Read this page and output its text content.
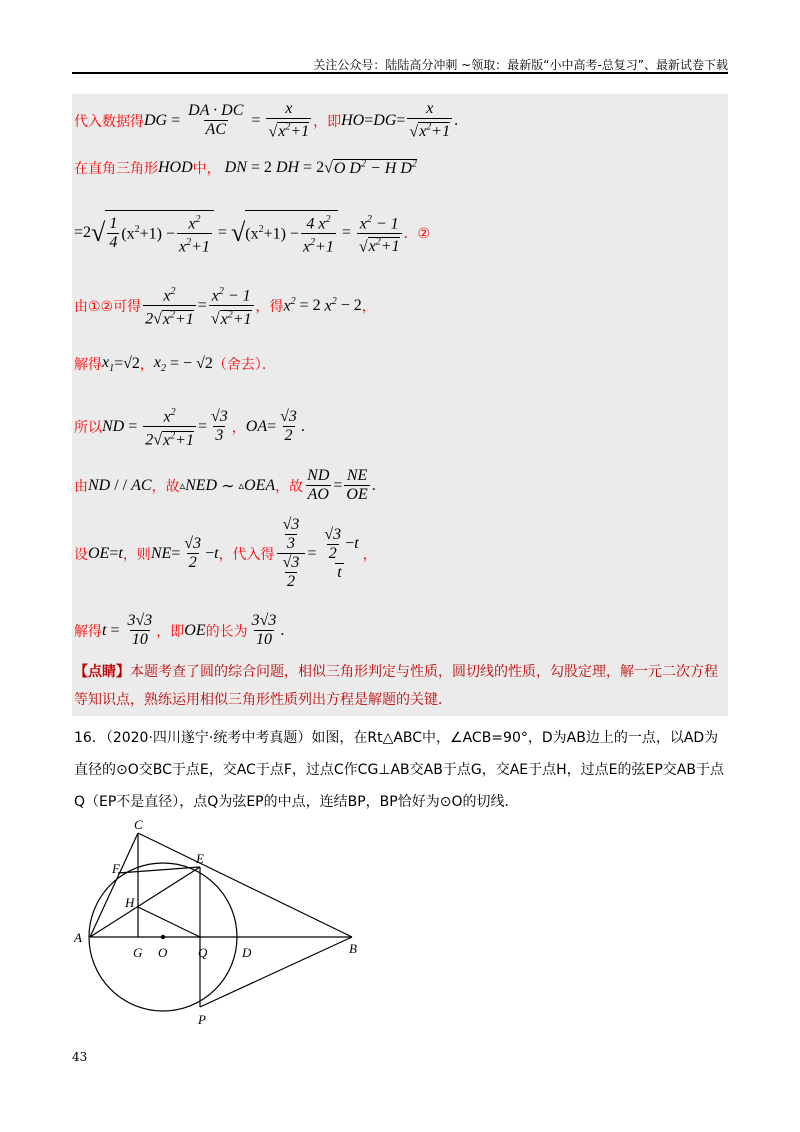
关注公众号：陆陆高分冲刺 ~领取：最新版“小中高考-总复习”、最新试卷下载
代入数据得 DG = $\frac{DA \cdot DC}{AC} = \frac{x}{√x^2+1}$ ，即 HO = DG = $\frac{x}{√x^2+1}$ .
在直角三角形 HOD 中， DN = 2 DH = 2 √O $D^2 - H$ $D^2$
=2 √ $\frac{1}{4} (x^2+1) - \frac{x^2}{x^2+1}$ = √ $(x^2+1) - \frac{4 x^2}{x^2+1} = \frac{x^2 - 1}{√x^2+1}$ ．②
由①②可得 $\frac{x^2}{2√x^2+1} = \frac{x^2 - 1}{√x^2+1}$ ，得 $x^2 = 2$ $x^2 - 2$ ，
解得 $x_1 =√2$ ， $x_2$ = − √2 （舍去）．
所以 ND = $\frac{x^2}{2√x^2+1} = \frac{√3}{3}$ ， OA = $\frac{√3}{2}$ .
由 ND / / AC ，故 ▵ NED ∼ ▵ OEA ，故 $\frac{ND}{AO} = \frac{NE}{OE}$ .
设 OE = t ，则 NE = $\frac{√3}{2} - t$ ，代入得 $\frac{\frac{√3}{3}}{\frac{√3}{2}} = \frac{\frac{√3}{2} - t}{t}$ ，
解得 $t = \frac{3√3}{10}$ ，即 OE 的长为 $\frac{3√3}{10}$ .
【点睛】本题考查了圆的综合问题，相似三角形判定与性质，圆切线的性质，勾股定理，解一元二次方程等知识点，熟练运用相似三角形性质列出方程是解题的关键．
16．（2020·四川遂宁·统考中考真题）如图，在Rt△ABC中，∠ACB=90°，D为AB边上的一点，以AD为直径的⊙O交BC于点E，交AC于点F，过点C作CG⊥AB交AB于点G，交AE于点H，过点E的弦EP交AB于点Q（EP不是直径），点Q为弦EP的中点，连结BP，BP恰好为⊙O的切线．
C
F
E
H
A
G O Q	D	B
P
43
